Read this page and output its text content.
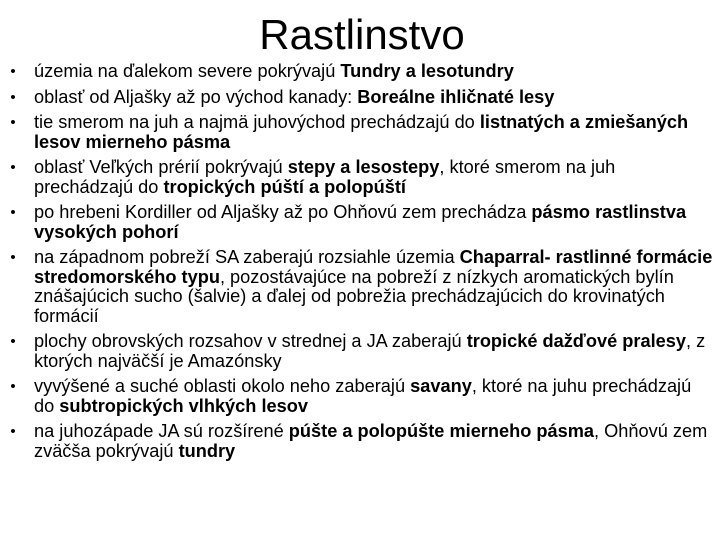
Rastlinstvo
• územia na ďalekom severe pokrývajú Tundry a lesotundry
• oblasť od Aljašky až po východ kanady: Boreálne ihličnaté lesy
• tie smerom na juh a najmä juhovýchod prechádzajú do listnatých a zmiešaných lesov mierneho pásma
• oblasť Veľkých prérií pokrývajú stepy a lesostepy, ktoré smerom na juh prechádzajú do tropických púští a polopúští
• po hrebeni Kordiller od Aljašky až po Ohňovú zem prechádza pásmo rastlinstva vysokých pohorí
• na západnom pobreží SA zaberajú rozsiahle územia Chaparral- rastlinné formácie stredomorského typu, pozostávajúce na pobreží z nízkych aromatických bylín znášajúcich sucho (šalvie) a ďalej od pobrežia prechádzajúcich do krovinatých formácií
• plochy obrovských rozsahov v strednej a JA zaberajú tropické dažďové pralesy, z ktorých najväčší je Amazónsky
• vyvýšené a suché oblasti okolo neho zaberajú savany, ktoré na juhu prechádzajú do subtropických vlhkých lesov
• na juhozápade JA sú rozšírené púšte a polopúšte mierneho pásma, Ohňovú zem zväčša pokrývajú tundry
